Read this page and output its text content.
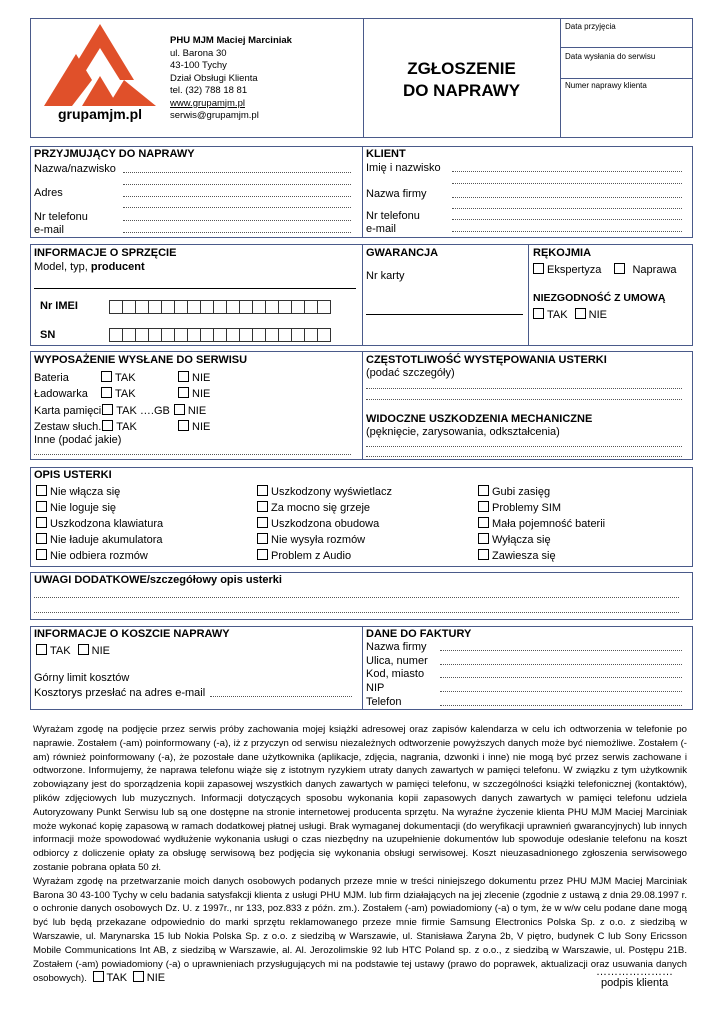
grupamjm.pl
PHU MJM Maciej Marciniak
ul. Barona 30
43-100 Tychy
Dział Obsługi Klienta
tel. (32) 788 18 81
www.grupamjm.pl
serwis@grupamjm.pl
ZGŁOSZENIE
DO NAPRAWY
Data przyjęcia
Data wysłania do serwisu
Numer naprawy klienta
PRZYJMUJĄCY DO NAPRAWY
Nazwa/nazwisko
Adres
Nr telefonu
e-mail
KLIENT
Imię i nazwisko
Nazwa firmy
Nr telefonu
e-mail
INFORMACJE O SPRZĘCIE
Model, typ, producent
Nr IMEI
SN
GWARANCJA
Nr karty
RĘKOJMIA
Ekspertyza	Naprawa
NIEZGODNOŚĆ Z UMOWĄ
TAK NIE
WYPOSAŻENIE WYSŁANE DO SERWISU
Bateria	TAK	NIE
Ładowarka	TAK	NIE
Karta pamięci TAK ….GB NIE
Zestaw słuch. TAK	NIE
Inne (podać jakie)
CZĘSTOTLIWOŚĆ WYSTĘPOWANIA USTERKI
(podać szczegóły)
WIDOCZNE USZKODZENIA MECHANICZNE
(pęknięcie, zarysowania, odkształcenia)
OPIS USTERKI
Nie włącza się
Nie loguje się
Uszkodzona klawiatura
Nie ładuje akumulatora
Nie odbiera rozmów
Uszkodzony wyświetlacz
Za mocno się grzeje
Uszkodzona obudowa
Nie wysyła rozmów
Problem z Audio
Gubi zasięg
Problemy SIM
Mała pojemność baterii
Wyłącza się
Zawiesza się
UWAGI DODATKOWE/szczegółowy opis usterki
INFORMACJE O KOSZCIE NAPRAWY
TAK NIE
Górny limit kosztów
Kosztorys przesłać na adres e-mail
DANE DO FAKTURY
Nazwa firmy
Ulica, numer
Kod, miasto
NIP
Telefon
Wyrażam zgodę na podjęcie przez serwis próby zachowania mojej książki adresowej oraz zapisów kalendarza w celu ich odtworzenia w telefonie po naprawie. Zostałem (-am) poinformowany (-a), iż z przyczyn od serwisu niezależnych odtworzenie powyższych danych może być niemożliwe. Zostałem (-am) również poinformowany (-a), że pozostałe dane użytkownika (aplikacje, zdjęcia, nagrania, dzwonki i inne) nie mogą być przez serwis zachowane i odtworzone. Informujemy, że naprawa telefonu wiąże się z istotnym ryzykiem utraty danych zawartych w pamięci telefonu. W związku z tym użytkownik zobowiązany jest do sporządzenia kopii zapasowej wszystkich danych zawartych w pamięci telefonu, w szczególności książki telefonicznej (kontaktów), plików zdjęciowych lub muzycznych. Informacji dotyczących sposobu wykonania kopii zapasowych danych zawartych w pamięci telefonu udziela Autoryzowany Punkt Serwisu lub są one dostępne na stronie internetowej producenta sprzętu. Na wyraźne życzenie klienta PHU MJM Maciej Marciniak może wykonać kopię zapasową w ramach dodatkowej płatnej usługi. Brak wymaganej dokumentacji (do weryfikacji uprawnień gwarancyjnych) lub innych informacji może spowodować wydłużenie wykonania usługi o czas niezbędny na uzupełnienie dokumentów lub spowoduje odesłanie telefonu na koszt odbiorcy z doliczenie opłaty za obsługę serwisową bez podjęcia się wykonania obsługi serwisowej. Koszt nieuzasadnionego zgłoszenia serwisowego zostanie pobrana opłata 50 zł.
Wyrażam zgodę na przetwarzanie moich danych osobowych podanych przeze mnie w treści niniejszego dokumentu przez PHU MJM Maciej Marciniak Barona 30 43-100 Tychy w celu badania satysfakcji klienta z usługi PHU MJM. lub firm działających na jej zlecenie (zgodnie z ustawą z dnia 29.08.1997 r. o ochronie danych osobowych Dz. U. z 1997r., nr 133, poz.833 z późn. zm.). Zostałem (-am) powiadomiony (-a) o tym, że w w/w celu podane dane mogą być lub będą przekazane odpowiednio do marki sprzętu reklamowanego przeze mnie firmie Samsung Electronics Polska Sp. z o.o. z siedzibą w Warszawie, ul. Marynarska 15 lub Nokia Polska Sp. z o.o. z siedzibą w Warszawie, ul. Stanisława Żaryna 2b, V piętro, budynek C lub Sony Ericsson Mobile Communications Int AB, z siedzibą w Warszawie, al. Al. Jerozolimskie 92 lub HTC Poland sp. z o.o., z siedzibą w Warszawie, ul. Postępu 21B. Zostałem (-am) powiadomiony (-a) o uprawnieniach przysługujących mi na podstawie tej ustawy (prawo do poprawek, aktualizacji oraz usuwania danych osobowych). TAK NIE
…………………
podpis klienta
